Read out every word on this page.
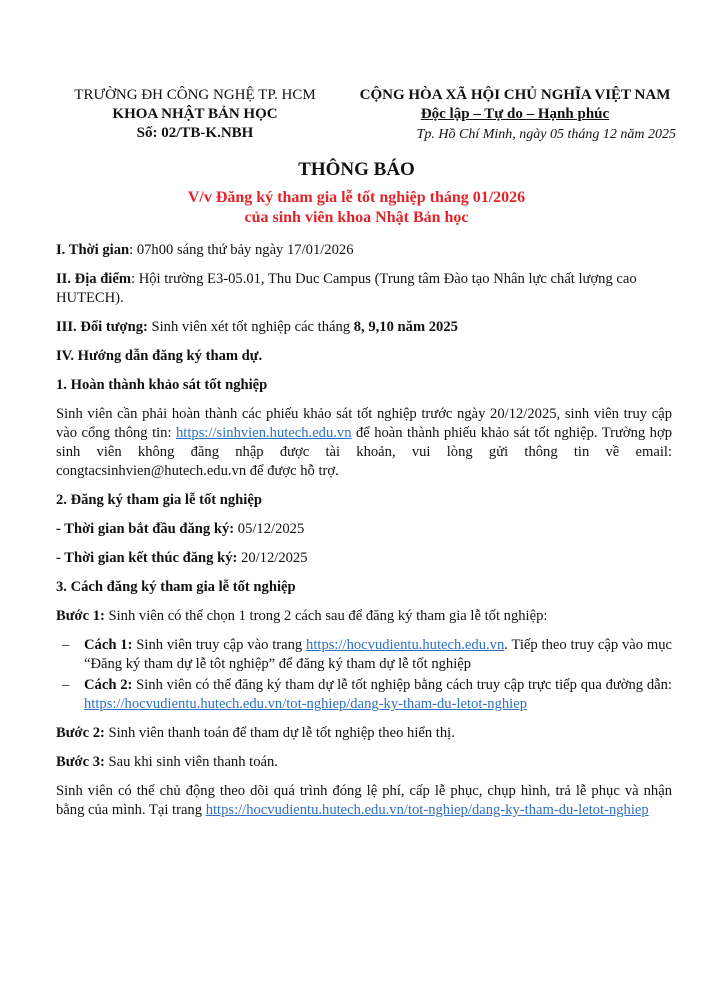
TRƯỜNG ĐH CÔNG NGHỆ TP. HCM
KHOA NHẬT BẢN HỌC
Số: 02/TB-K.NBH
CỘNG HÒA XÃ HỘI CHỦ NGHĨA VIỆT NAM
Độc lập – Tự do – Hạnh phúc
Tp. Hồ Chí Minh, ngày 05 tháng 12 năm 2025
THÔNG BÁO
V/v Đăng ký tham gia lễ tốt nghiệp tháng 01/2026
của sinh viên khoa Nhật Bản học

I. Thời gian: 07h00 sáng thứ bảy ngày 17/01/2026

II. Địa điểm: Hội trường E3-05.01, Thu Duc Campus (Trung tâm Đào tạo Nhân lực chất lượng cao HUTECH).

III. Đối tượng: Sinh viên xét tốt nghiệp các tháng 8, 9,10 năm 2025

IV. Hướng dẫn đăng ký tham dự.

1. Hoàn thành khảo sát tốt nghiệp

Sinh viên cần phải hoàn thành các phiếu khảo sát tốt nghiệp trước ngày 20/12/2025, sinh viên truy cập vào cổng thông tin: https://sinhvien.hutech.edu.vn để hoàn thành phiếu khảo sát tốt nghiệp. Trường hợp sinh viên không đăng nhập được tài khoản, vui lòng gửi thông tin về email: congtacsinhvien@hutech.edu.vn để được hỗ trợ.

2. Đăng ký tham gia lễ tốt nghiệp

- Thời gian bắt đầu đăng ký: 05/12/2025

- Thời gian kết thúc đăng ký: 20/12/2025

3. Cách đăng ký tham gia lễ tốt nghiệp

Bước 1: Sinh viên có thể chọn 1 trong 2 cách sau để đăng ký tham gia lễ tốt nghiệp:

– Cách 1: Sinh viên truy cập vào trang https://hocvudientu.hutech.edu.vn. Tiếp theo truy cập vào mục “Đăng ký tham dự lễ tôt nghiệp” để đăng ký tham dự lễ tốt nghiệp
– Cách 2: Sinh viên có thể đăng ký tham dự lễ tốt nghiệp bằng cách truy cập trực tiếp qua đường dẫn: https://hocvudientu.hutech.edu.vn/tot-nghiep/dang-ky-tham-du-letot-nghiep

Bước 2: Sinh viên thanh toán để tham dự lễ tốt nghiệp theo hiển thị.

Bước 3: Sau khi sinh viên thanh toán.

Sinh viên có thể chủ động theo dõi quá trình đóng lệ phí, cấp lễ phục, chụp hình, trả lễ phục và nhận bằng của mình. Tại trang https://hocvudientu.hutech.edu.vn/tot-nghiep/dang-ky-tham-du-letot-nghiep
